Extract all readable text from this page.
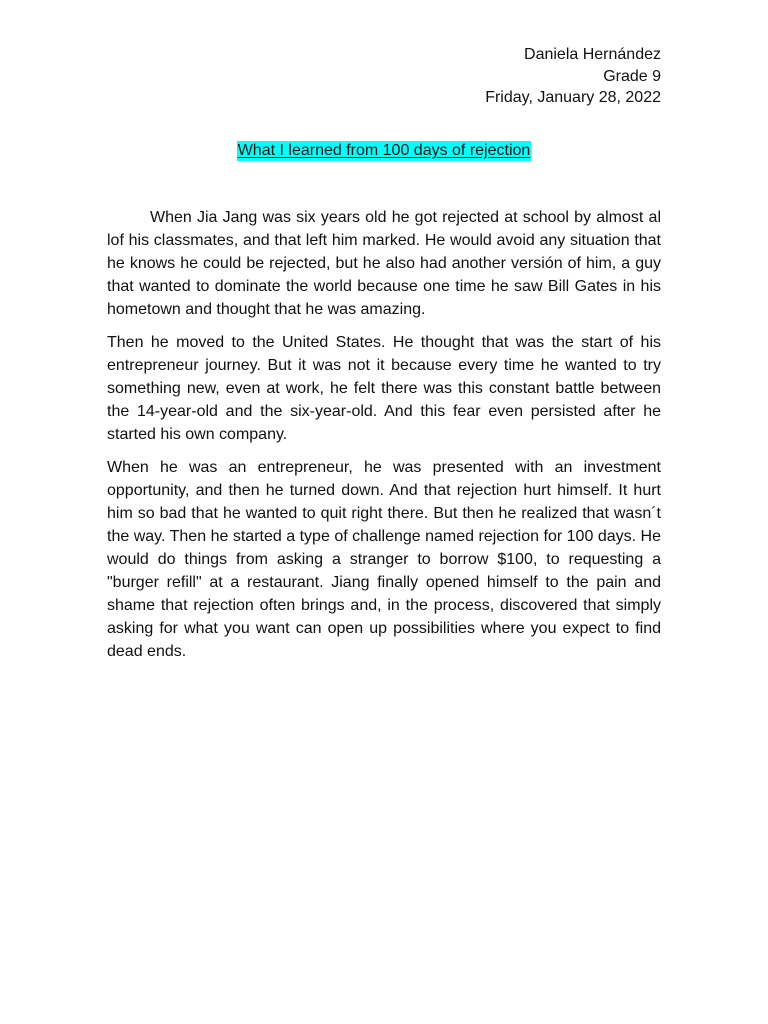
Daniela Hernández
Grade 9
Friday, January 28, 2022
What I learned from 100 days of rejection

When Jia Jang was six years old he got rejected at school by almost al lof his classmates, and that left him marked. He would avoid any situation that he knows he could be rejected, but he also had another versión of him, a guy that wanted to dominate the world because one time he saw Bill Gates in his hometown and thought that he was amazing.

Then he moved to the United States. He thought that was the start of his entrepreneur journey. But it was not it because every time he wanted to try something new, even at work, he felt there was this constant battle between the 14-year-old and the six-year-old. And this fear even persisted after he started his own company.

When he was an entrepreneur, he was presented with an investment opportunity, and then he turned down. And that rejection hurt himself. It hurt him so bad that he wanted to quit right there. But then he realized that wasn´t the way. Then he started a type of challenge named rejection for 100 days. He would do things from asking a stranger to borrow $100, to requesting a "burger refill" at a restaurant. Jiang finally opened himself to the pain and shame that rejection often brings and, in the process, discovered that simply asking for what you want can open up possibilities where you expect to find dead ends.
